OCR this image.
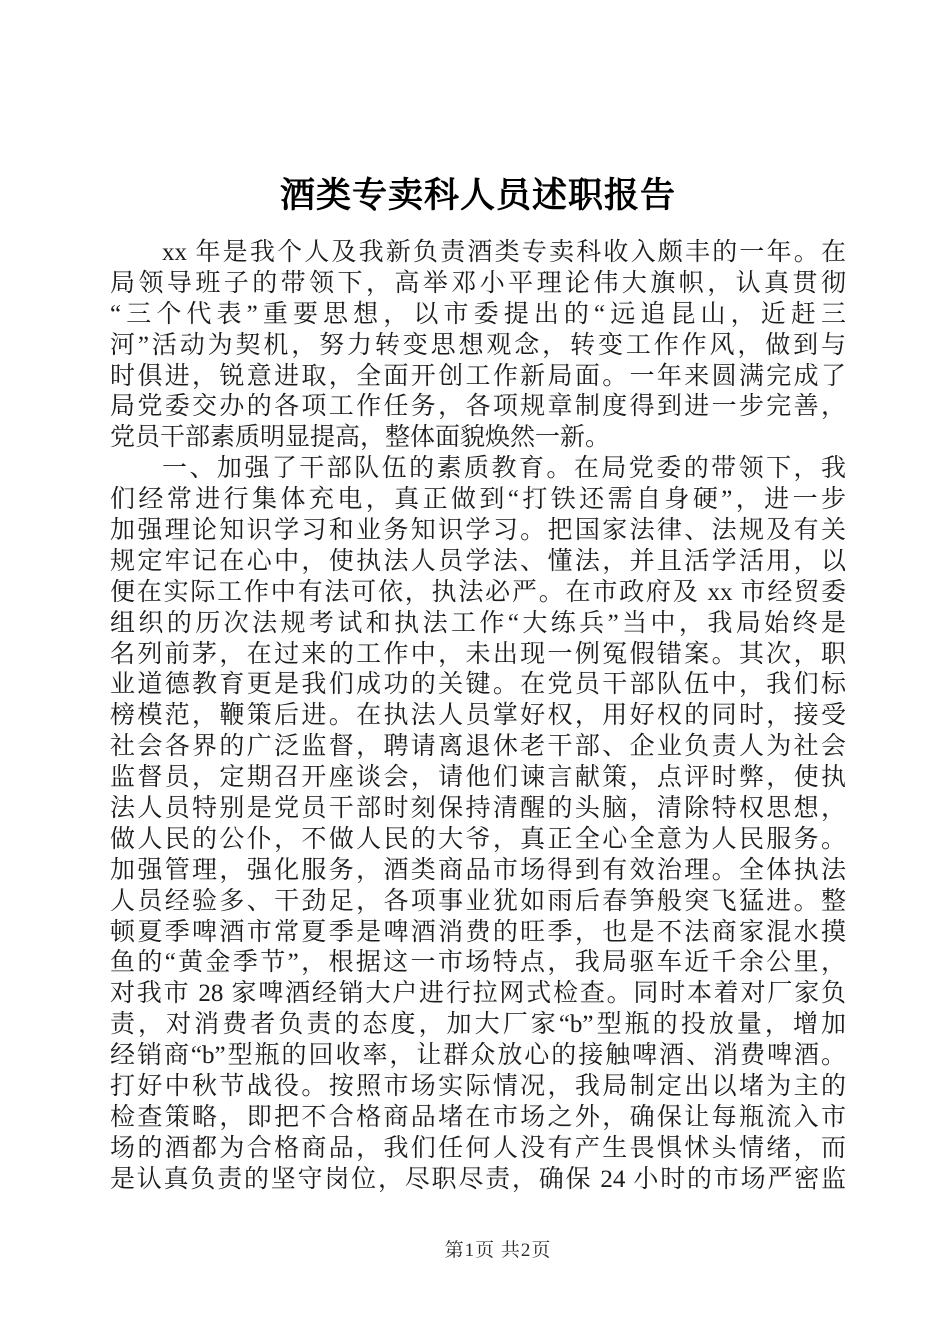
酒类专卖科人员述职报告
xx 年是我个人及我新负责酒类专卖科收入颇丰的一年。在
局领导班子的带领下，高举邓小平理论伟大旗帜，认真贯彻
“三个代表”重要思想，以市委提出的“远追昆山，近赶三
河”活动为契机，努力转变思想观念，转变工作作风，做到与
时俱进，锐意进取，全面开创工作新局面。一年来圆满完成了
局党委交办的各项工作任务，各项规章制度得到进一步完善，
党员干部素质明显提高，整体面貌焕然一新。
一、加强了干部队伍的素质教育。在局党委的带领下，我
们经常进行集体充电，真正做到“打铁还需自身硬”，进一步
加强理论知识学习和业务知识学习。把国家法律、法规及有关
规定牢记在心中，使执法人员学法、懂法，并且活学活用，以
便在实际工作中有法可依，执法必严。在市政府及 xx 市经贸委
组织的历次法规考试和执法工作“大练兵”当中，我局始终是
名列前茅，在过来的工作中，未出现一例冤假错案。其次，职
业道德教育更是我们成功的关键。在党员干部队伍中，我们标
榜模范，鞭策后进。在执法人员掌好权，用好权的同时，接受
社会各界的广泛监督，聘请离退休老干部、企业负责人为社会
监督员，定期召开座谈会，请他们谏言献策，点评时弊，使执
法人员特别是党员干部时刻保持清醒的头脑，清除特权思想，
做人民的公仆，不做人民的大爷，真正全心全意为人民服务。
加强管理，强化服务，酒类商品市场得到有效治理。全体执法
人员经验多、干劲足，各项事业犹如雨后春笋般突飞猛进。整
顿夏季啤酒市常夏季是啤酒消费的旺季，也是不法商家混水摸
鱼的“黄金季节”，根据这一市场特点，我局驱车近千余公里，
对我市 28 家啤酒经销大户进行拉网式检查。同时本着对厂家负
责，对消费者负责的态度，加大厂家“b”型瓶的投放量，增加
经销商“b”型瓶的回收率，让群众放心的接触啤酒、消费啤酒。
打好中秋节战役。按照市场实际情况，我局制定出以堵为主的
检查策略，即把不合格商品堵在市场之外，确保让每瓶流入市
场的酒都为合格商品，我们任何人没有产生畏惧怵头情绪，而
是认真负责的坚守岗位，尽职尽责，确保 24 小时的市场严密监
第1页 共2页
